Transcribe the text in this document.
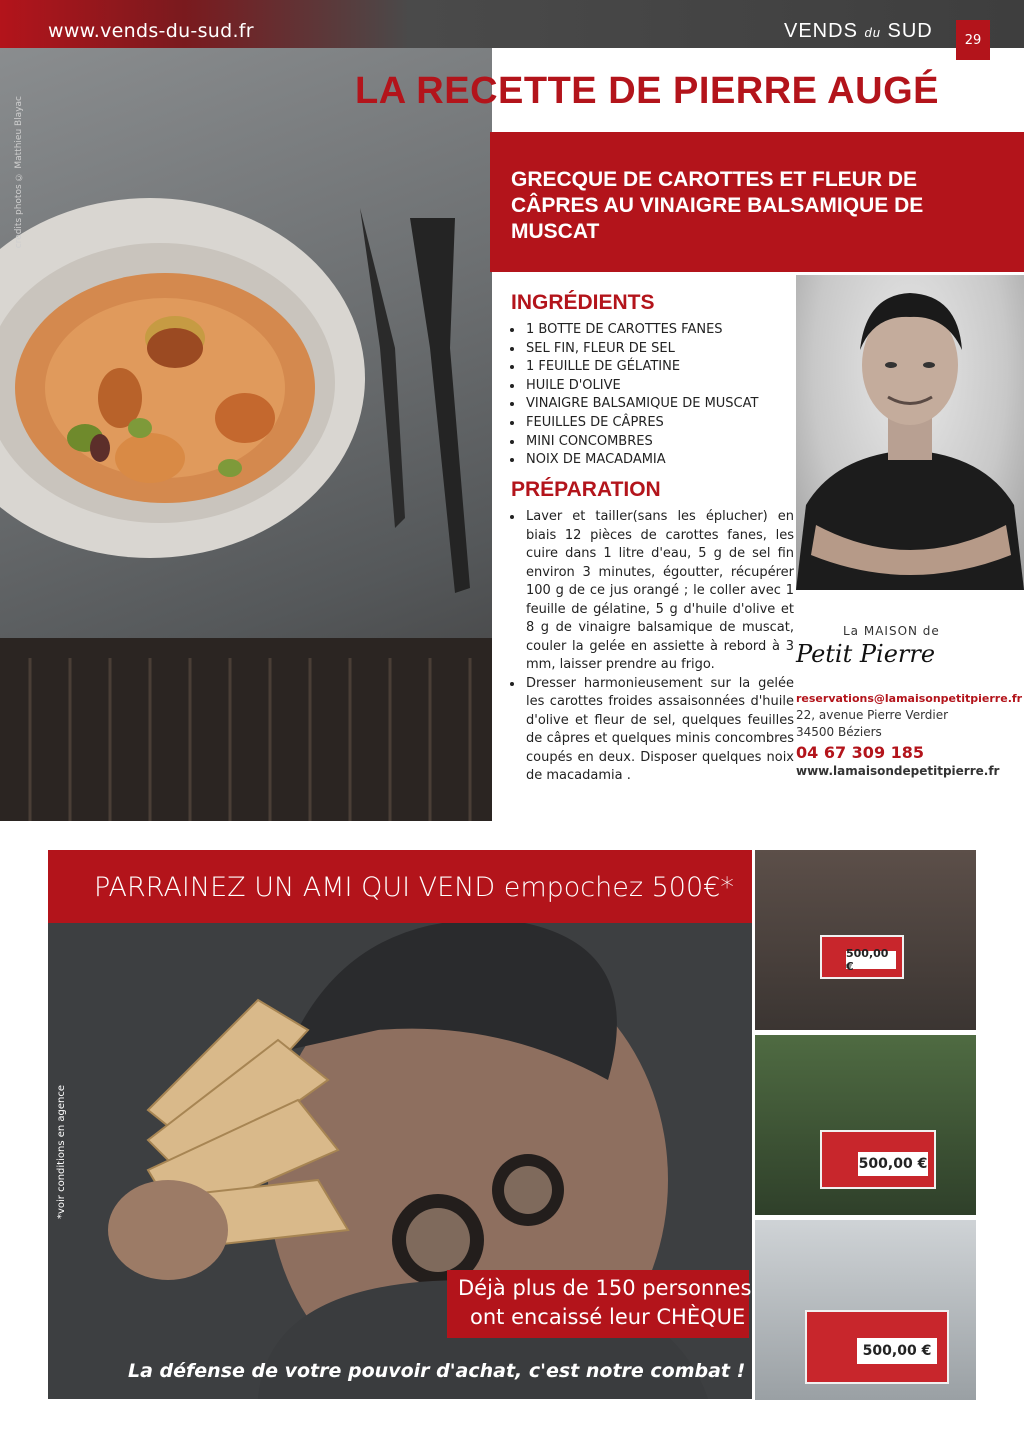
www.vends-du-sud.fr	VENDS du SUD	29
credits photos © Matthieu Blayac
LA RECETTE DE PIERRE AUGÉ
GRECQUE DE CAROTTES ET FLEUR DE CÂPRES AU VINAIGRE BALSAMIQUE DE MUSCAT
INGRÉDIENTS
• 1 BOTTE DE CAROTTES FANES
• SEL FIN, FLEUR DE SEL
• 1 FEUILLE DE GÉLATINE
• HUILE D'OLIVE
• VINAIGRE BALSAMIQUE DE MUSCAT
• FEUILLES DE CÂPRES
• MINI CONCOMBRES
• NOIX DE MACADAMIA
PRÉPARATION
• Laver et tailler(sans les éplucher) en biais 12 pièces de carottes fanes, les cuire dans 1 litre d'eau, 5 g de sel fin environ 3 minutes, égoutter, récupérer 100 g de ce jus orangé ; le coller avec 1 feuille de gélatine, 5 g d'huile d'olive et 8 g de vinaigre balsamique de muscat, couler la gelée en assiette à rebord à 3 mm, laisser prendre au frigo.
• Dresser harmonieusement sur la gelée les carottes froides assaisonnées d'huile d'olive et fleur de sel, quelques feuilles de câpres et quelques minis concombres coupés en deux. Disposer quelques noix de macadamia .
La MAISON de
Petit Pierre
reservations@lamaisonpetitpierre.fr
22, avenue Pierre Verdier
34500 Béziers
04 67 309 185
www.lamaisondepetitpierre.fr
PARRAINEZ UN AMI QUI VEND empochez 500€*
*voir conditions en agence
Déjà plus de 150 personnes
ont encaissé leur CHÈQUE
La défense de votre pouvoir d'achat, c'est notre combat !
500,00 €
500,00 €
500,00 €
